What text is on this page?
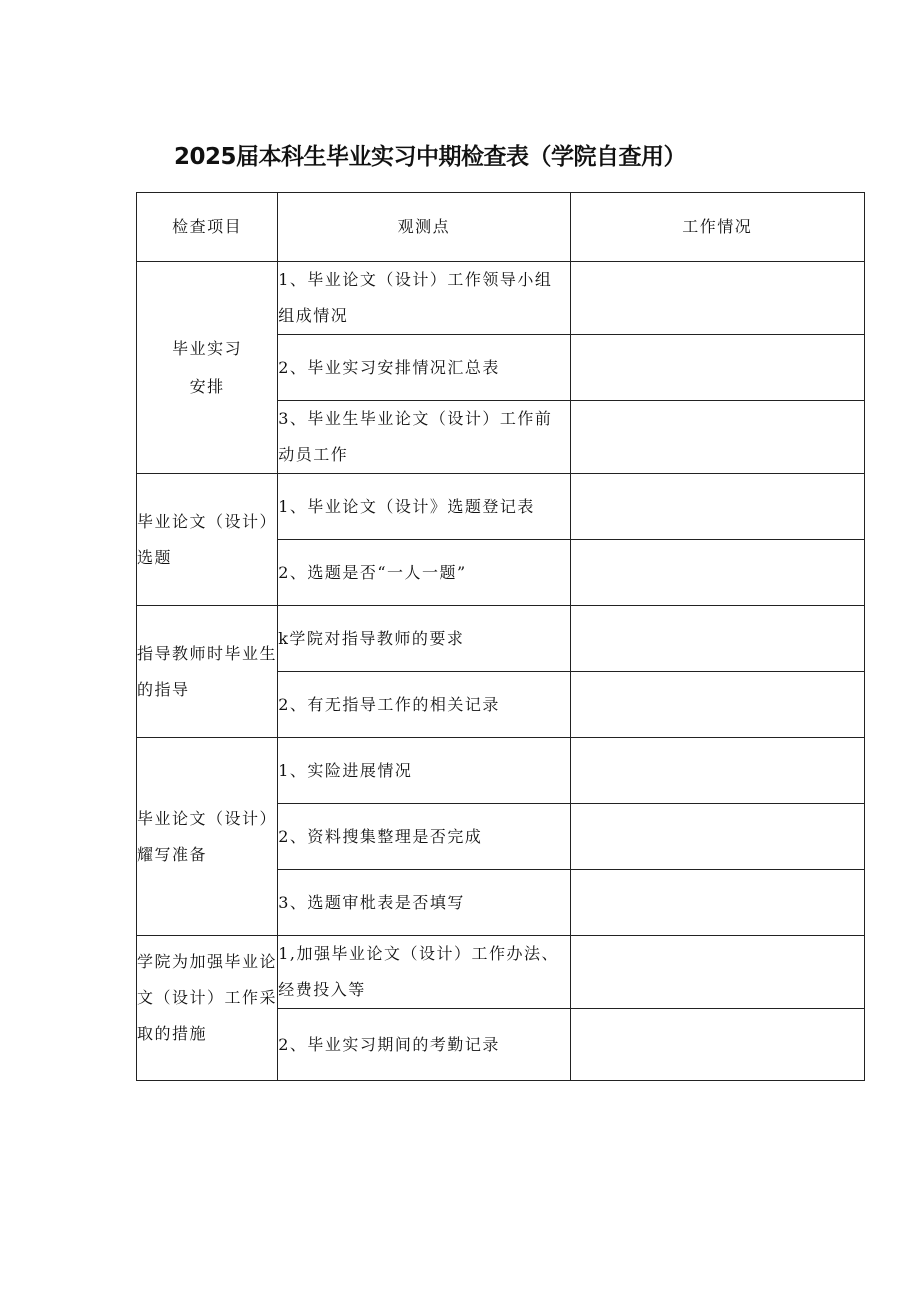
2025届本科生毕业实习中期检查表（学院自查用）
检查项目	观测点	工作情况

毕业实习
安排	1、毕业论文（设计）工作领导小组组成情况	
	2、毕业实习安排情况汇总表	
	3、毕业生毕业论文（设计）工作前动员工作	
毕业论文（设计）选题	1、毕业论文（设计》选题登记表	
	2、选题是否“一人一题”	
指导教师时毕业生的指导	k学院对指导教师的要求	
	2、有无指导工作的相关记录	
毕业论文（设计）耀写准备	1、实险进展情况	
	2、资料搜集整理是否完成	
	3、选题审枇表是否填写	
学院为加强毕业论文（设计）工作采取的措施	1,加强毕业论文（设计）工作办法、经费投入等	
	2、毕业实习期间的考勤记录	
